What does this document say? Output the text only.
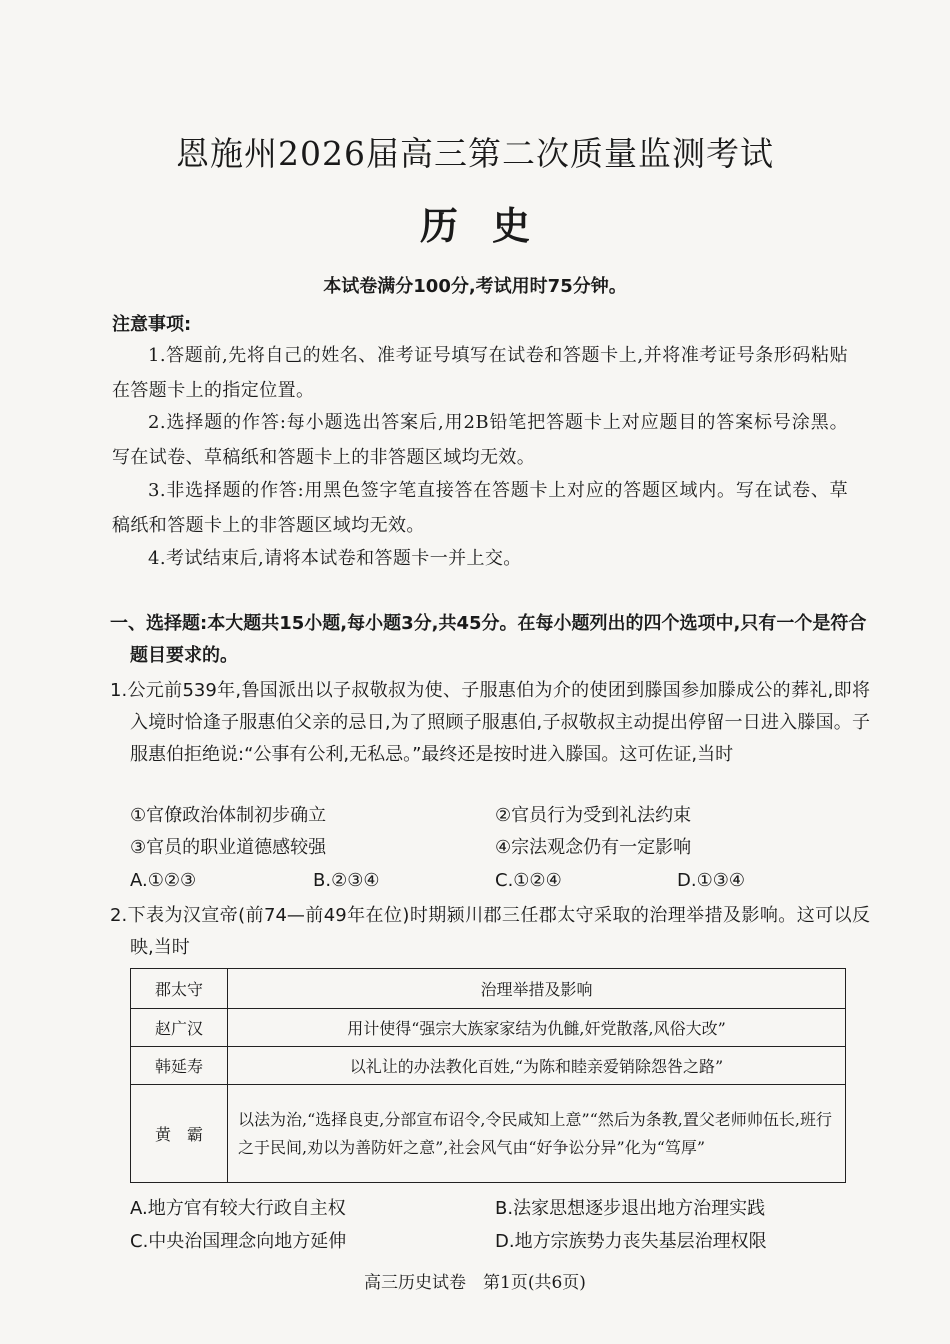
恩施州2026届高三第二次质量监测考试
历史
本试卷满分100分,考试用时75分钟。
注意事项:
1.答题前,先将自己的姓名、准考证号填写在试卷和答题卡上,并将准考证号条形码粘贴在答题卡上的指定位置。
2.选择题的作答:每小题选出答案后,用2B铅笔把答题卡上对应题目的答案标号涂黑。写在试卷、草稿纸和答题卡上的非答题区域均无效。
3.非选择题的作答:用黑色签字笔直接答在答题卡上对应的答题区域内。写在试卷、草稿纸和答题卡上的非答题区域均无效。
4.考试结束后,请将本试卷和答题卡一并上交。
一、选择题:本大题共15小题,每小题3分,共45分。在每小题列出的四个选项中,只有一个是符合题目要求的。
1.公元前539年,鲁国派出以子叔敬叔为使、子服惠伯为介的使团到滕国参加滕成公的葬礼,即将入境时恰逢子服惠伯父亲的忌日,为了照顾子服惠伯,子叔敬叔主动提出停留一日进入滕国。子服惠伯拒绝说:“公事有公利,无私忌。”最终还是按时进入滕国。这可佐证,当时
①官僚政治体制初步确立	②官员行为受到礼法约束
③官员的职业道德感较强	④宗法观念仍有一定影响
A.①②③	B.②③④	C.①②④	D.①③④
2.下表为汉宣帝(前74—前49年在位)时期颍川郡三任郡太守采取的治理举措及影响。这可以反映,当时
郡太守	治理举措及影响
赵广汉	用计使得“强宗大族家家结为仇雠,奸党散落,风俗大改”
韩延寿	以礼让的办法教化百姓,“为陈和睦亲爱销除怨咎之路”
黄　霸	以法为治,“选择良吏,分部宣布诏令,令民咸知上意”“然后为条教,置父老师帅伍长,班行之于民间,劝以为善防奸之意”,社会风气由“好争讼分异”化为“笃厚”
A.地方官有较大行政自主权	B.法家思想逐步退出地方治理实践
C.中央治国理念向地方延伸	D.地方宗族势力丧失基层治理权限
高三历史试卷　第1页(共6页)
